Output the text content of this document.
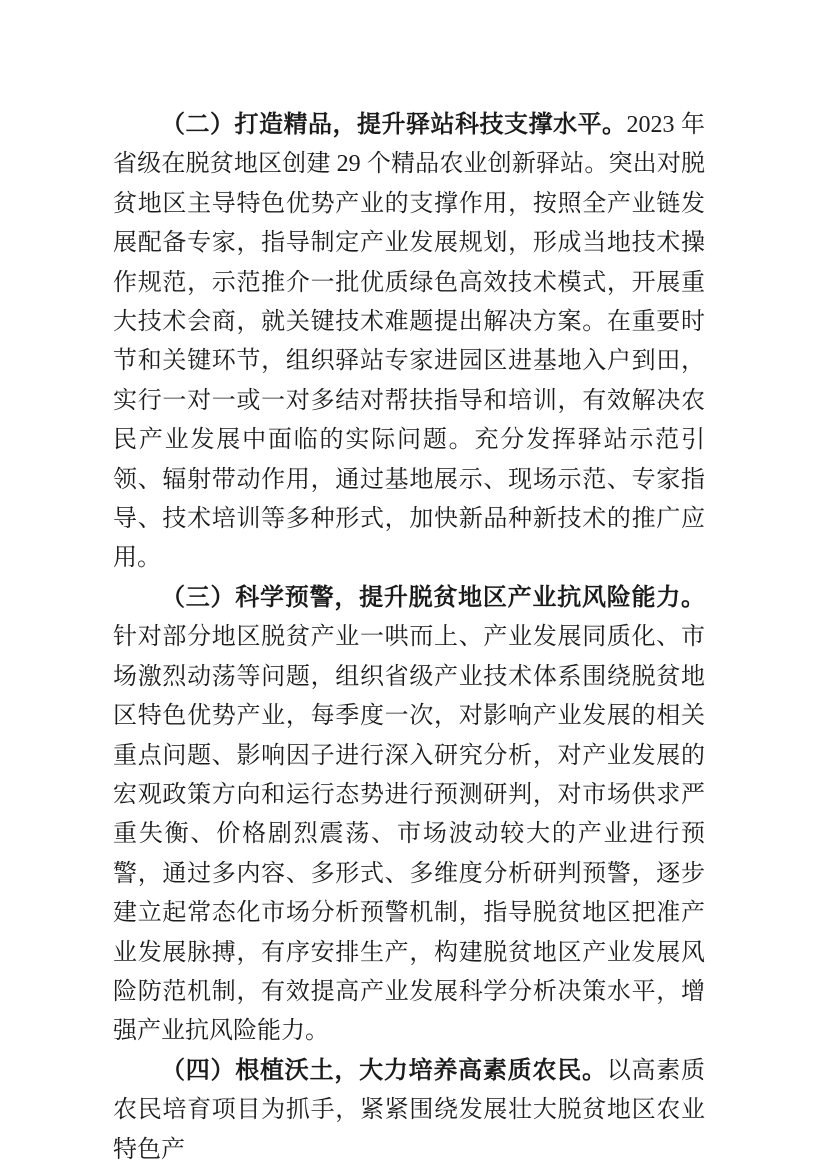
（二）打造精品，提升驿站科技支撑水平。2023 年省级在脱贫地区创建 29 个精品农业创新驿站。突出对脱贫地区主导特色优势产业的支撑作用，按照全产业链发展配备专家，指导制定产业发展规划，形成当地技术操作规范，示范推介一批优质绿色高效技术模式，开展重大技术会商，就关键技术难题提出解决方案。在重要时节和关键环节，组织驿站专家进园区进基地入户到田，实行一对一或一对多结对帮扶指导和培训，有效解决农民产业发展中面临的实际问题。充分发挥驿站示范引领、辐射带动作用，通过基地展示、现场示范、专家指导、技术培训等多种形式，加快新品种新技术的推广应用。

（三）科学预警，提升脱贫地区产业抗风险能力。针对部分地区脱贫产业一哄而上、产业发展同质化、市场激烈动荡等问题，组织省级产业技术体系围绕脱贫地区特色优势产业，每季度一次，对影响产业发展的相关重点问题、影响因子进行深入研究分析，对产业发展的宏观政策方向和运行态势进行预测研判，对市场供求严重失衡、价格剧烈震荡、市场波动较大的产业进行预警，通过多内容、多形式、多维度分析研判预警，逐步建立起常态化市场分析预警机制，指导脱贫地区把准产业发展脉搏，有序安排生产，构建脱贫地区产业发展风险防范机制，有效提高产业发展科学分析决策水平，增强产业抗风险能力。

（四）根植沃土，大力培养高素质农民。以高素质农民培育项目为抓手，紧紧围绕发展壮大脱贫地区农业特色产
